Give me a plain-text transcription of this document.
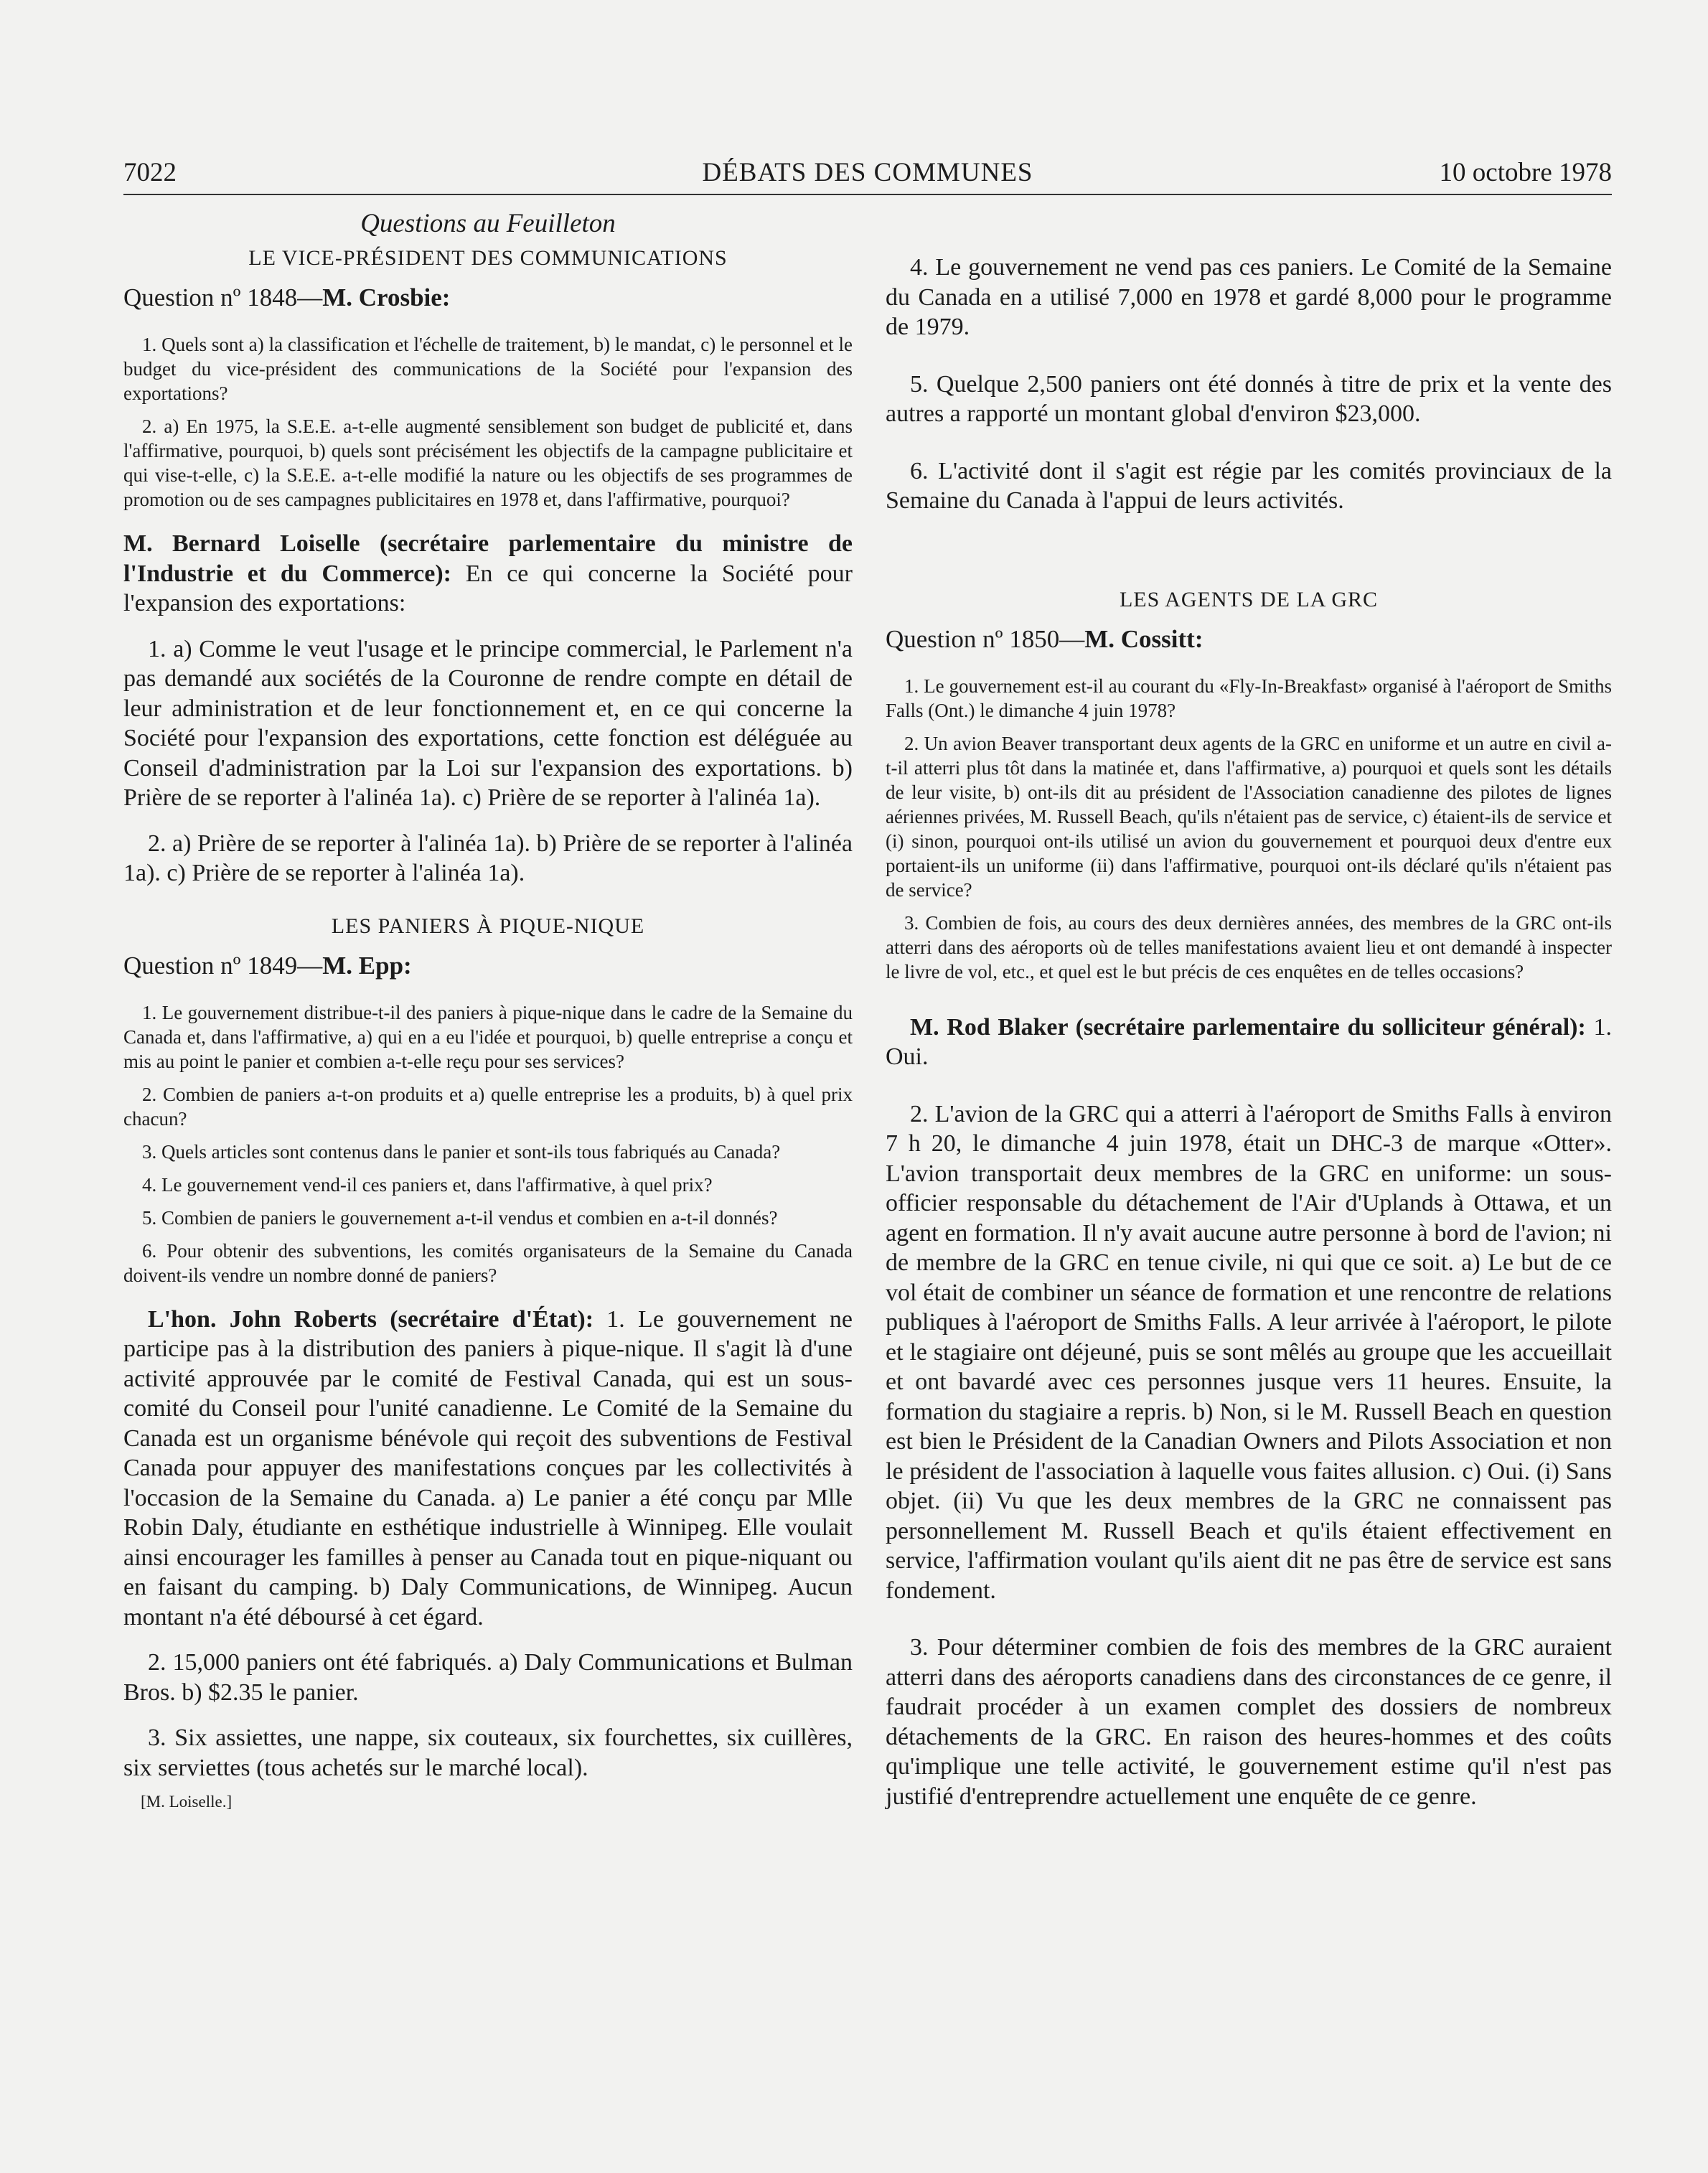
7022	DÉBATS DES COMMUNES	10 octobre 1978

Questions au Feuilleton

LE VICE-PRÉSIDENT DES COMMUNICATIONS

Question nº 1848—M. Crosbie:

1. Quels sont a) la classification et l'échelle de traitement, b) le mandat, c) le personnel et le budget du vice-président des communications de la Société pour l'expansion des exportations?

2. a) En 1975, la S.E.E. a-t-elle augmenté sensiblement son budget de publicité et, dans l'affirmative, pourquoi, b) quels sont précisément les objectifs de la campagne publicitaire et qui vise-t-elle, c) la S.E.E. a-t-elle modifié la nature ou les objectifs de ses programmes de promotion ou de ses campagnes publicitaires en 1978 et, dans l'affirmative, pourquoi?

M. Bernard Loiselle (secrétaire parlementaire du ministre de l'Industrie et du Commerce): En ce qui concerne la Société pour l'expansion des exportations:

1. a) Comme le veut l'usage et le principe commercial, le Parlement n'a pas demandé aux sociétés de la Couronne de rendre compte en détail de leur administration et de leur fonctionnement et, en ce qui concerne la Société pour l'expansion des exportations, cette fonction est déléguée au Conseil d'administration par la Loi sur l'expansion des exportations. b) Prière de se reporter à l'alinéa 1a). c) Prière de se reporter à l'alinéa 1a).

2. a) Prière de se reporter à l'alinéa 1a). b) Prière de se reporter à l'alinéa 1a). c) Prière de se reporter à l'alinéa 1a).

LES PANIERS À PIQUE-NIQUE

Question nº 1849—M. Epp:

1. Le gouvernement distribue-t-il des paniers à pique-nique dans le cadre de la Semaine du Canada et, dans l'affirmative, a) qui en a eu l'idée et pourquoi, b) quelle entreprise a conçu et mis au point le panier et combien a-t-elle reçu pour ses services?

2. Combien de paniers a-t-on produits et a) quelle entreprise les a produits, b) à quel prix chacun?

3. Quels articles sont contenus dans le panier et sont-ils tous fabriqués au Canada?

4. Le gouvernement vend-il ces paniers et, dans l'affirmative, à quel prix?

5. Combien de paniers le gouvernement a-t-il vendus et combien en a-t-il donnés?

6. Pour obtenir des subventions, les comités organisateurs de la Semaine du Canada doivent-ils vendre un nombre donné de paniers?

L'hon. John Roberts (secrétaire d'État): 1. Le gouvernement ne participe pas à la distribution des paniers à pique-nique. Il s'agit là d'une activité approuvée par le comité de Festival Canada, qui est un sous-comité du Conseil pour l'unité canadienne. Le Comité de la Semaine du Canada est un organisme bénévole qui reçoit des subventions de Festival Canada pour appuyer des manifestations conçues par les collectivités à l'occasion de la Semaine du Canada. a) Le panier a été conçu par Mlle Robin Daly, étudiante en esthétique industrielle à Winnipeg. Elle voulait ainsi encourager les familles à penser au Canada tout en pique-niquant ou en faisant du camping. b) Daly Communications, de Winnipeg. Aucun montant n'a été déboursé à cet égard.

2. 15,000 paniers ont été fabriqués. a) Daly Communications et Bulman Bros. b) $2.35 le panier.

3. Six assiettes, une nappe, six couteaux, six fourchettes, six cuillères, six serviettes (tous achetés sur le marché local).

[M. Loiselle.]

4. Le gouvernement ne vend pas ces paniers. Le Comité de la Semaine du Canada en a utilisé 7,000 en 1978 et gardé 8,000 pour le programme de 1979.

5. Quelque 2,500 paniers ont été donnés à titre de prix et la vente des autres a rapporté un montant global d'environ $23,000.

6. L'activité dont il s'agit est régie par les comités provinciaux de la Semaine du Canada à l'appui de leurs activités.

LES AGENTS DE LA GRC

Question nº 1850—M. Cossitt:

1. Le gouvernement est-il au courant du «Fly-In-Breakfast» organisé à l'aéroport de Smiths Falls (Ont.) le dimanche 4 juin 1978?

2. Un avion Beaver transportant deux agents de la GRC en uniforme et un autre en civil a-t-il atterri plus tôt dans la matinée et, dans l'affirmative, a) pourquoi et quels sont les détails de leur visite, b) ont-ils dit au président de l'Association canadienne des pilotes de lignes aériennes privées, M. Russell Beach, qu'ils n'étaient pas de service, c) étaient-ils de service et (i) sinon, pourquoi ont-ils utilisé un avion du gouvernement et pourquoi deux d'entre eux portaient-ils un uniforme (ii) dans l'affirmative, pourquoi ont-ils déclaré qu'ils n'étaient pas de service?

3. Combien de fois, au cours des deux dernières années, des membres de la GRC ont-ils atterri dans des aéroports où de telles manifestations avaient lieu et ont demandé à inspecter le livre de vol, etc., et quel est le but précis de ces enquêtes en de telles occasions?

M. Rod Blaker (secrétaire parlementaire du solliciteur général): 1. Oui.

2. L'avion de la GRC qui a atterri à l'aéroport de Smiths Falls à environ 7 h 20, le dimanche 4 juin 1978, était un DHC-3 de marque «Otter». L'avion transportait deux membres de la GRC en uniforme: un sous-officier responsable du détachement de l'Air d'Uplands à Ottawa, et un agent en formation. Il n'y avait aucune autre personne à bord de l'avion; ni de membre de la GRC en tenue civile, ni qui que ce soit. a) Le but de ce vol était de combiner un séance de formation et une rencontre de relations publiques à l'aéroport de Smiths Falls. A leur arrivée à l'aéroport, le pilote et le stagiaire ont déjeuné, puis se sont mêlés au groupe que les accueillait et ont bavardé avec ces personnes jusque vers 11 heures. Ensuite, la formation du stagiaire a repris. b) Non, si le M. Russell Beach en question est bien le Président de la Canadian Owners and Pilots Association et non le président de l'association à laquelle vous faites allusion. c) Oui. (i) Sans objet. (ii) Vu que les deux membres de la GRC ne connaissent pas personnellement M. Russell Beach et qu'ils étaient effectivement en service, l'affirmation voulant qu'ils aient dit ne pas être de service est sans fondement.

3. Pour déterminer combien de fois des membres de la GRC auraient atterri dans des aéroports canadiens dans des circonstances de ce genre, il faudrait procéder à un examen complet des dossiers de nombreux détachements de la GRC. En raison des heures-hommes et des coûts qu'implique une telle activité, le gouvernement estime qu'il n'est pas justifié d'entreprendre actuellement une enquête de ce genre.
